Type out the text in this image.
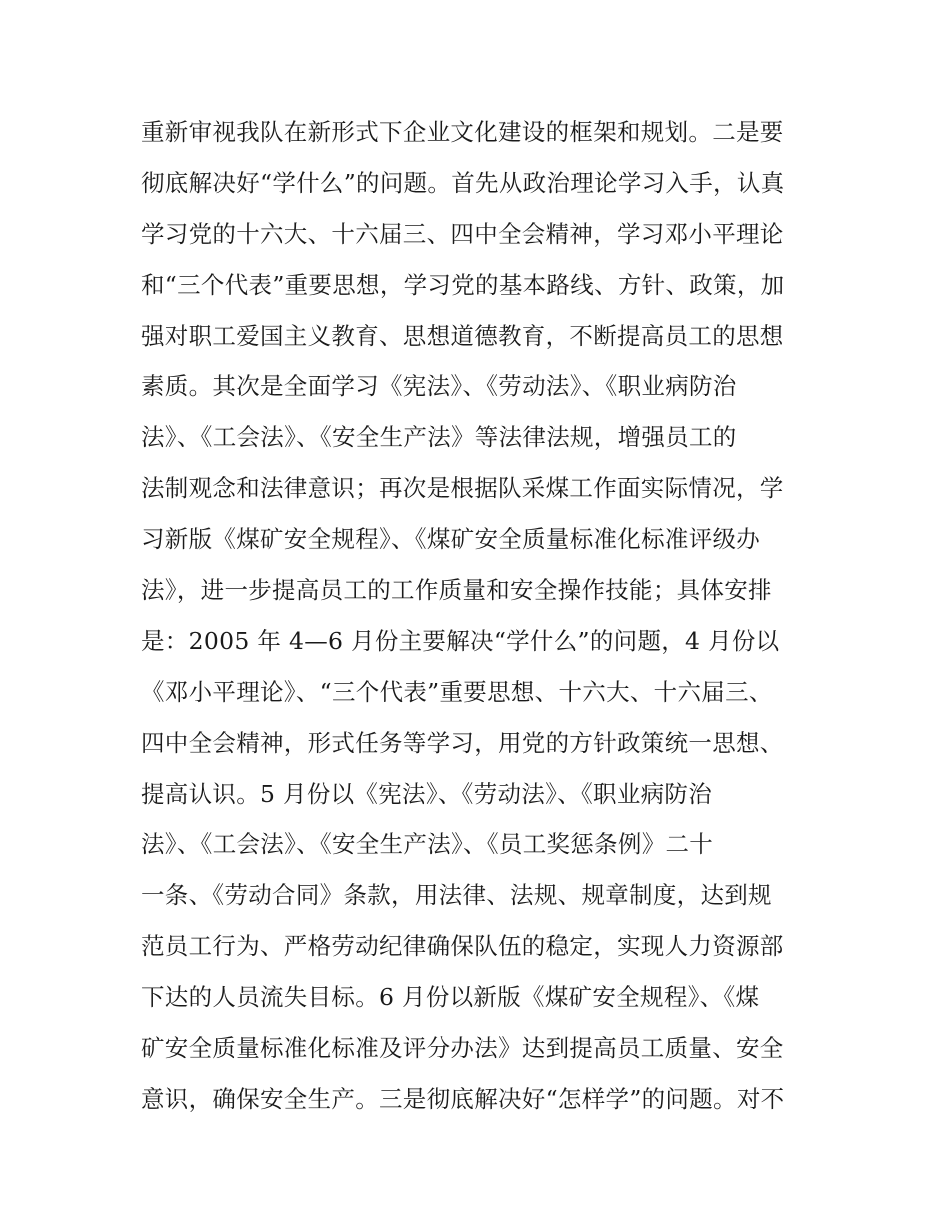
重新审视我队在新形式下企业文化建设的框架和规划。二是要
彻底解决好“学什么”的问题。首先从政治理论学习入手，认真
学习党的十六大、十六届三、四中全会精神，学习邓小平理论
和“三个代表”重要思想，学习党的基本路线、方针、政策，加
强对职工爱国主义教育、思想道德教育，不断提高员工的思想
素质。其次是全面学习《宪法》、《劳动法》、《职业病防治
法》、《工会法》、《安全生产法》等法律法规，增强员工的
法制观念和法律意识；再次是根据队采煤工作面实际情况，学
习新版《煤矿安全规程》、《煤矿安全质量标准化标准评级办
法》，进一步提高员工的工作质量和安全操作技能；具体安排
是：2005 年 4—6 月份主要解决“学什么”的问题，4 月份以
《邓小平理论》、“三个代表”重要思想、十六大、十六届三、
四中全会精神，形式任务等学习，用党的方针政策统一思想、
提高认识。5 月份以《宪法》、《劳动法》、《职业病防治
法》、《工会法》、《安全生产法》、《员工奖惩条例》二十
一条、《劳动合同》条款，用法律、法规、规章制度，达到规
范员工行为、严格劳动纪律确保队伍的稳定，实现人力资源部
下达的人员流失目标。6 月份以新版《煤矿安全规程》、《煤
矿安全质量标准化标准及评分办法》达到提高员工质量、安全
意识，确保安全生产。三是彻底解决好“怎样学”的问题。对不
